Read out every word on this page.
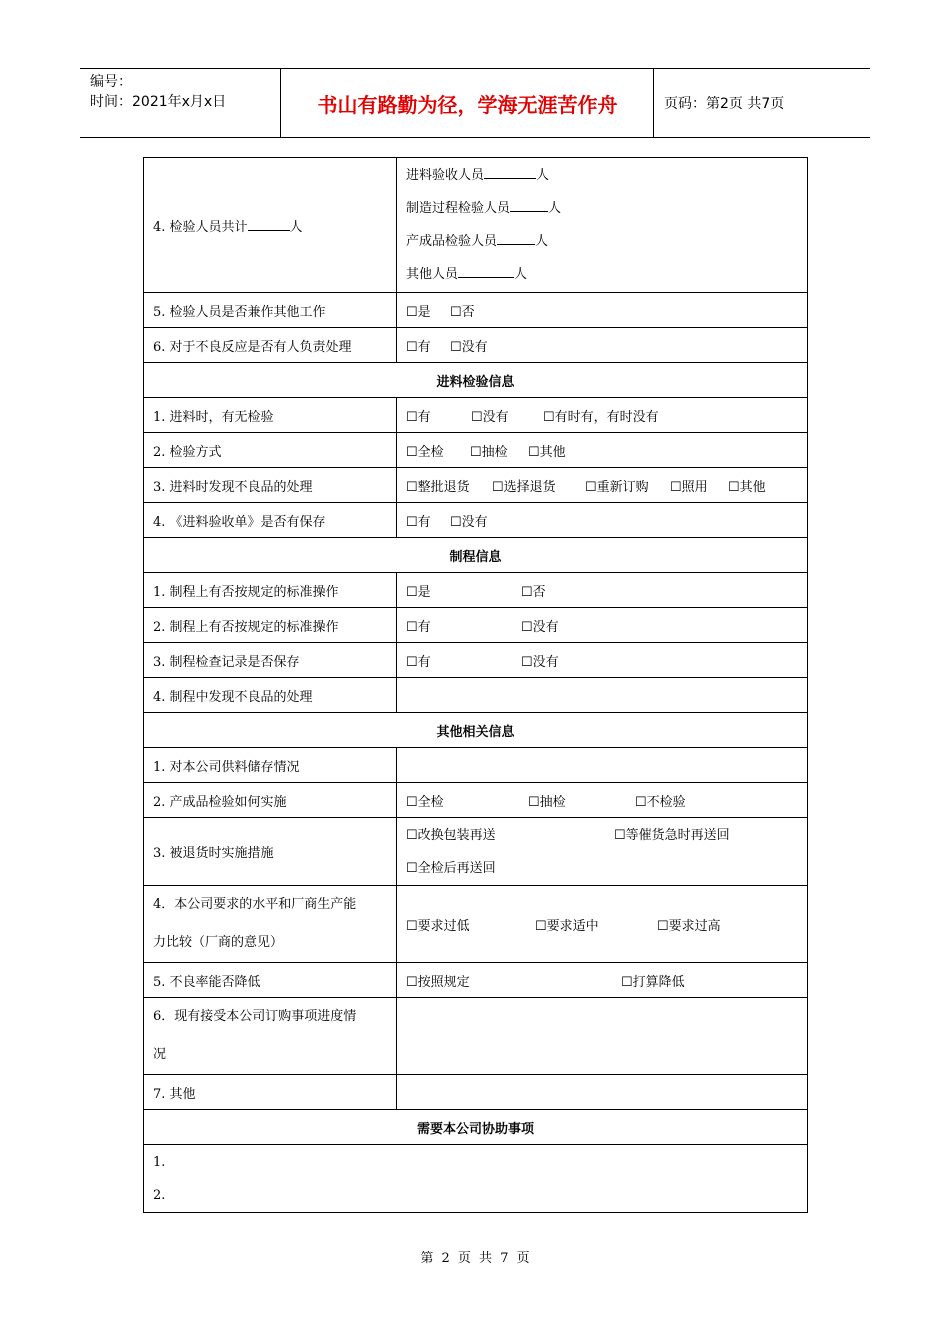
编号：
时间：2021年x月x日	书山有路勤为径，学海无涯苦作舟	页码：第2页 共7页
4. 检验人员共计 人	进料验收人员 人
制造过程检验人员 人
产成品检验人员 人
其他人员 人

5. 检验人员是否兼作其他工作	☐是 ☐否
6. 对于不良反应是否有人负责处理	☐有 ☐没有
进料检验信息	
1. 进料时，有无检验	☐有 ☐没有 ☐有时有，有时没有
2. 检验方式	☐全检 ☐抽检 ☐其他
3. 进料时发现不良品的处理	☐整批退货 ☐选择退货 ☐重新订购 ☐照用 ☐其他
4. 《进料验收单》是否有保存	☐有 ☐没有
制程信息	
1. 制程上有否按规定的标准操作	☐是 ☐否
2. 制程上有否按规定的标准操作	☐有 ☐没有
3. 制程检查记录是否保存	☐有 ☐没有
4. 制程中发现不良品的处理	
其他相关信息	
1. 对本公司供料储存情况	
2. 产成品检验如何实施	☐全检 ☐抽检 ☐不检验
3. 被退货时实施措施	☐改换包装再送 ☐等催货急时再送回
☐全检后再送回

4．本公司要求的水平和厂商生产能
力比较（厂商的意见）	☐要求过低 ☐要求适中 ☐要求过高
5. 不良率能否降低	☐按照规定 ☐打算降低

6．现有接受本公司订购事项进度情
况	

7. 其他	
需要本公司协助事项	

1.
2.	
第 2 页 共 7 页
